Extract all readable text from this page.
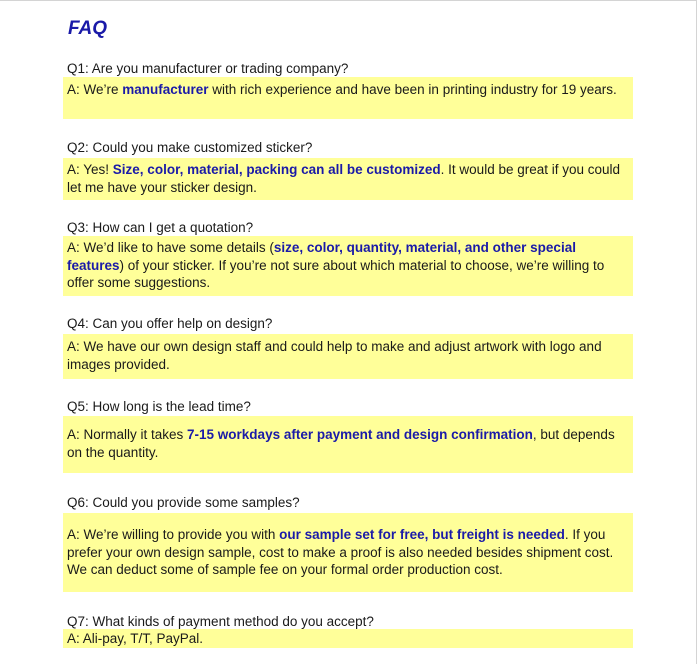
FAQ
Q1: Are you manufacturer or trading company?
A: We’re manufacturer with rich experience and have been in printing industry for 19 years.
Q2: Could you make customized sticker?
A: Yes! Size, color, material, packing can all be customized. It would be great if you could let me have your sticker design.
Q3: How can I get a quotation?
A: We’d like to have some details (size, color, quantity, material, and other special features) of your sticker. If you’re not sure about which material to choose, we’re willing to offer some suggestions.
Q4: Can you offer help on design?
A: We have our own design staff and could help to make and adjust artwork with logo and images provided.
Q5: How long is the lead time?
A: Normally it takes 7-15 workdays after payment and design confirmation, but depends on the quantity.
Q6: Could you provide some samples?
A: We’re willing to provide you with our sample set for free, but freight is needed. If you prefer your own design sample, cost to make a proof is also needed besides shipment cost. We can deduct some of sample fee on your formal order production cost.
Q7: What kinds of payment method do you accept?
A: Ali-pay, T/T, PayPal.
